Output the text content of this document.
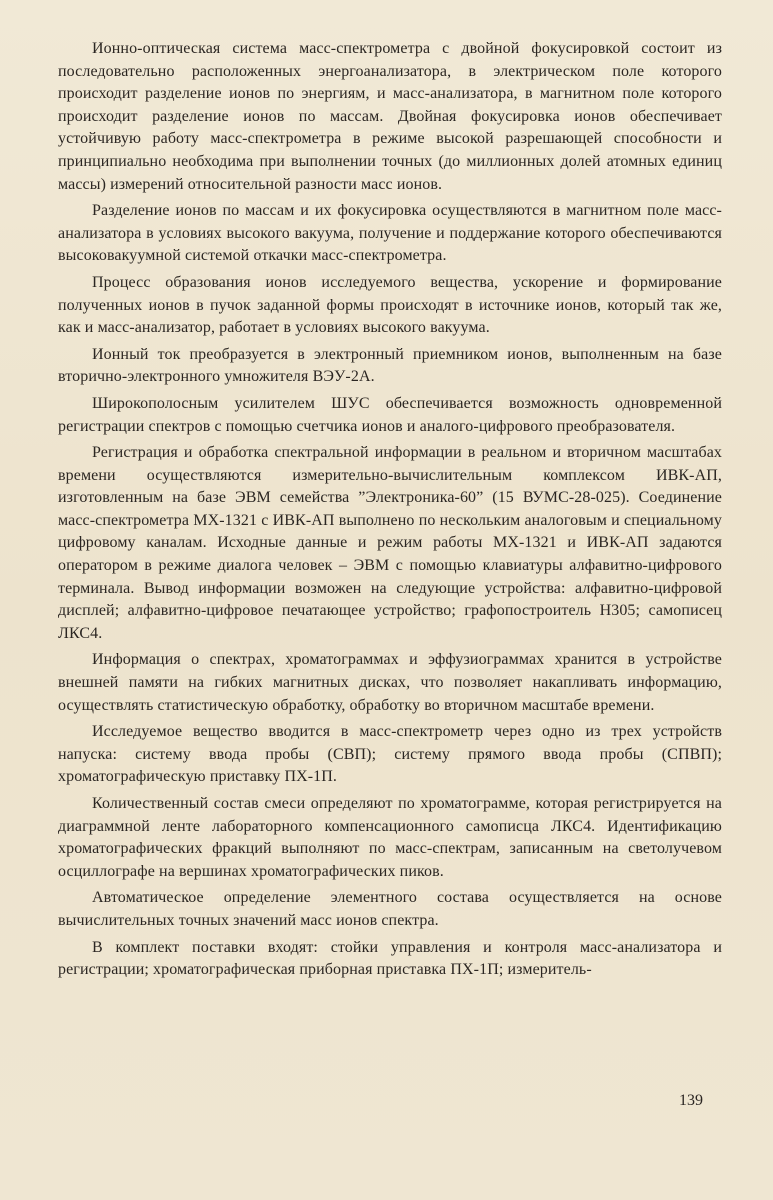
Ионно-оптическая система масс-спектрометра с двойной фокусировкой состоит из последовательно расположенных энергоанализатора, в электрическом поле которого происходит разделение ионов по энергиям, и масс-анализатора, в магнитном поле которого происходит разделение ионов по массам. Двойная фокусировка ионов обеспечивает устойчивую работу масс-спектрометра в режиме высокой разрешающей способности и принципиально необходима при выполнении точных (до миллионных долей атомных единиц массы) измерений относительной разности масс ионов.

Разделение ионов по массам и их фокусировка осуществляются в магнитном поле масс-анализатора в условиях высокого вакуума, получение и поддержание которого обеспечиваются высоковакуумной системой откачки масс-спектрометра.

Процесс образования ионов исследуемого вещества, ускорение и формирование полученных ионов в пучок заданной формы происходят в источнике ионов, который так же, как и масс-анализатор, работает в условиях высокого вакуума.

Ионный ток преобразуется в электронный приемником ионов, выполненным на базе вторично-электронного умножителя ВЭУ-2А.

Широкополосным усилителем ШУС обеспечивается возможность одновременной регистрации спектров с помощью счетчика ионов и аналого-цифрового преобразователя.

Регистрация и обработка спектральной информации в реальном и вторичном масштабах времени осуществляются измерительно-вычислительным комплексом ИВК-АП, изготовленным на базе ЭВМ семейства ”Электроника-60” (15 ВУМС-28-025). Соединение масс-спектрометра МХ-1321 с ИВК-АП выполнено по нескольким аналоговым и специальному цифровому каналам. Исходные данные и режим работы МХ-1321 и ИВК-АП задаются оператором в режиме диалога человек – ЭВМ с помощью клавиатуры алфавитно-цифрового терминала. Вывод информации возможен на следующие устройства: алфавитно-цифровой дисплей; алфавитно-цифровое печатающее устройство; графопостроитель Н305; самописец ЛКС4.

Информация о спектрах, хроматограммах и эффузиограммах хранится в устройстве внешней памяти на гибких магнитных дисках, что позволяет накапливать информацию, осуществлять статистическую обработку, обработку во вторичном масштабе времени.

Исследуемое вещество вводится в масс-спектрометр через одно из трех устройств напуска: систему ввода пробы (СВП); систему прямого ввода пробы (СПВП); хроматографическую приставку ПХ-1П.

Количественный состав смеси определяют по хроматограмме, которая регистрируется на диаграммной ленте лабораторного компенсационного самописца ЛКС4. Идентификацию хроматографических фракций выполняют по масс-спектрам, записанным на светолучевом осциллографе на вершинах хроматографических пиков.

Автоматическое определение элементного состава осуществляется на основе вычислительных точных значений масс ионов спектра.

В комплект поставки входят: стойки управления и контроля масс-анализатора и регистрации; хроматографическая приборная приставка ПХ-1П; измеритель-

139
